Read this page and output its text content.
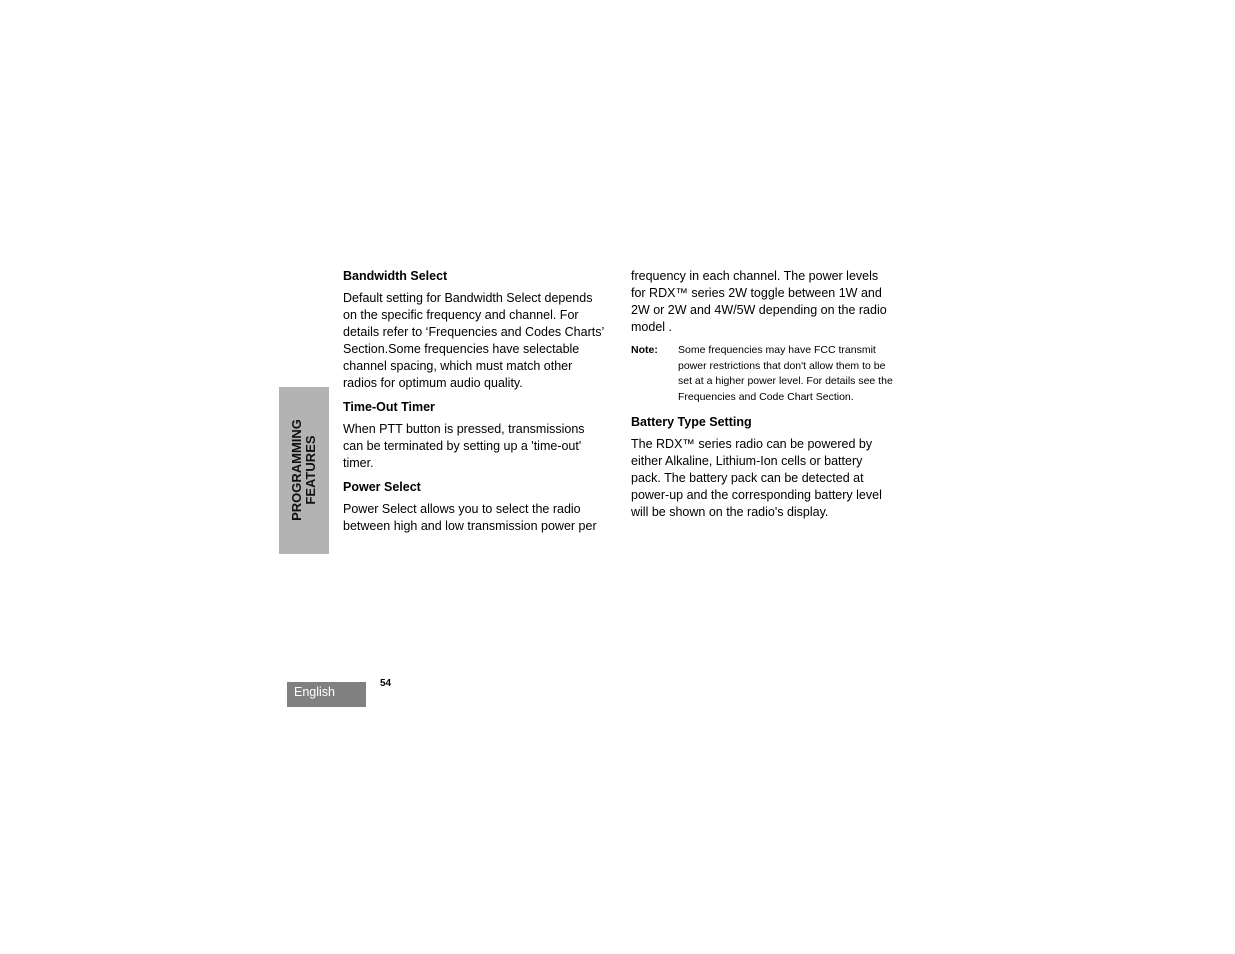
PROGRAMMING FEATURES
Bandwidth Select
Default setting for Bandwidth Select depends on the specific frequency and channel. For details refer to ‘Frequencies and Codes Charts’ Section.Some frequencies have selectable channel spacing, which must match other radios for optimum audio quality.
Time-Out Timer
When PTT button is pressed, transmissions can be terminated by setting up a 'time-out' timer.
Power Select
Power Select allows you to select the radio between high and low transmission power per
frequency in each channel. The power levels for RDX™ series 2W toggle between 1W and 2W or 2W and 4W/5W depending on the radio model .
Note:	Some frequencies may have FCC transmit power restrictions that don't allow them to be set at a higher power level. For details see the Frequencies and Code Chart Section.
Battery Type Setting
The RDX™ series radio can be powered by either Alkaline, Lithium-Ion cells or battery pack. The battery pack can be detected at power-up and the corresponding battery level will be shown on the radio's display.
English
54
